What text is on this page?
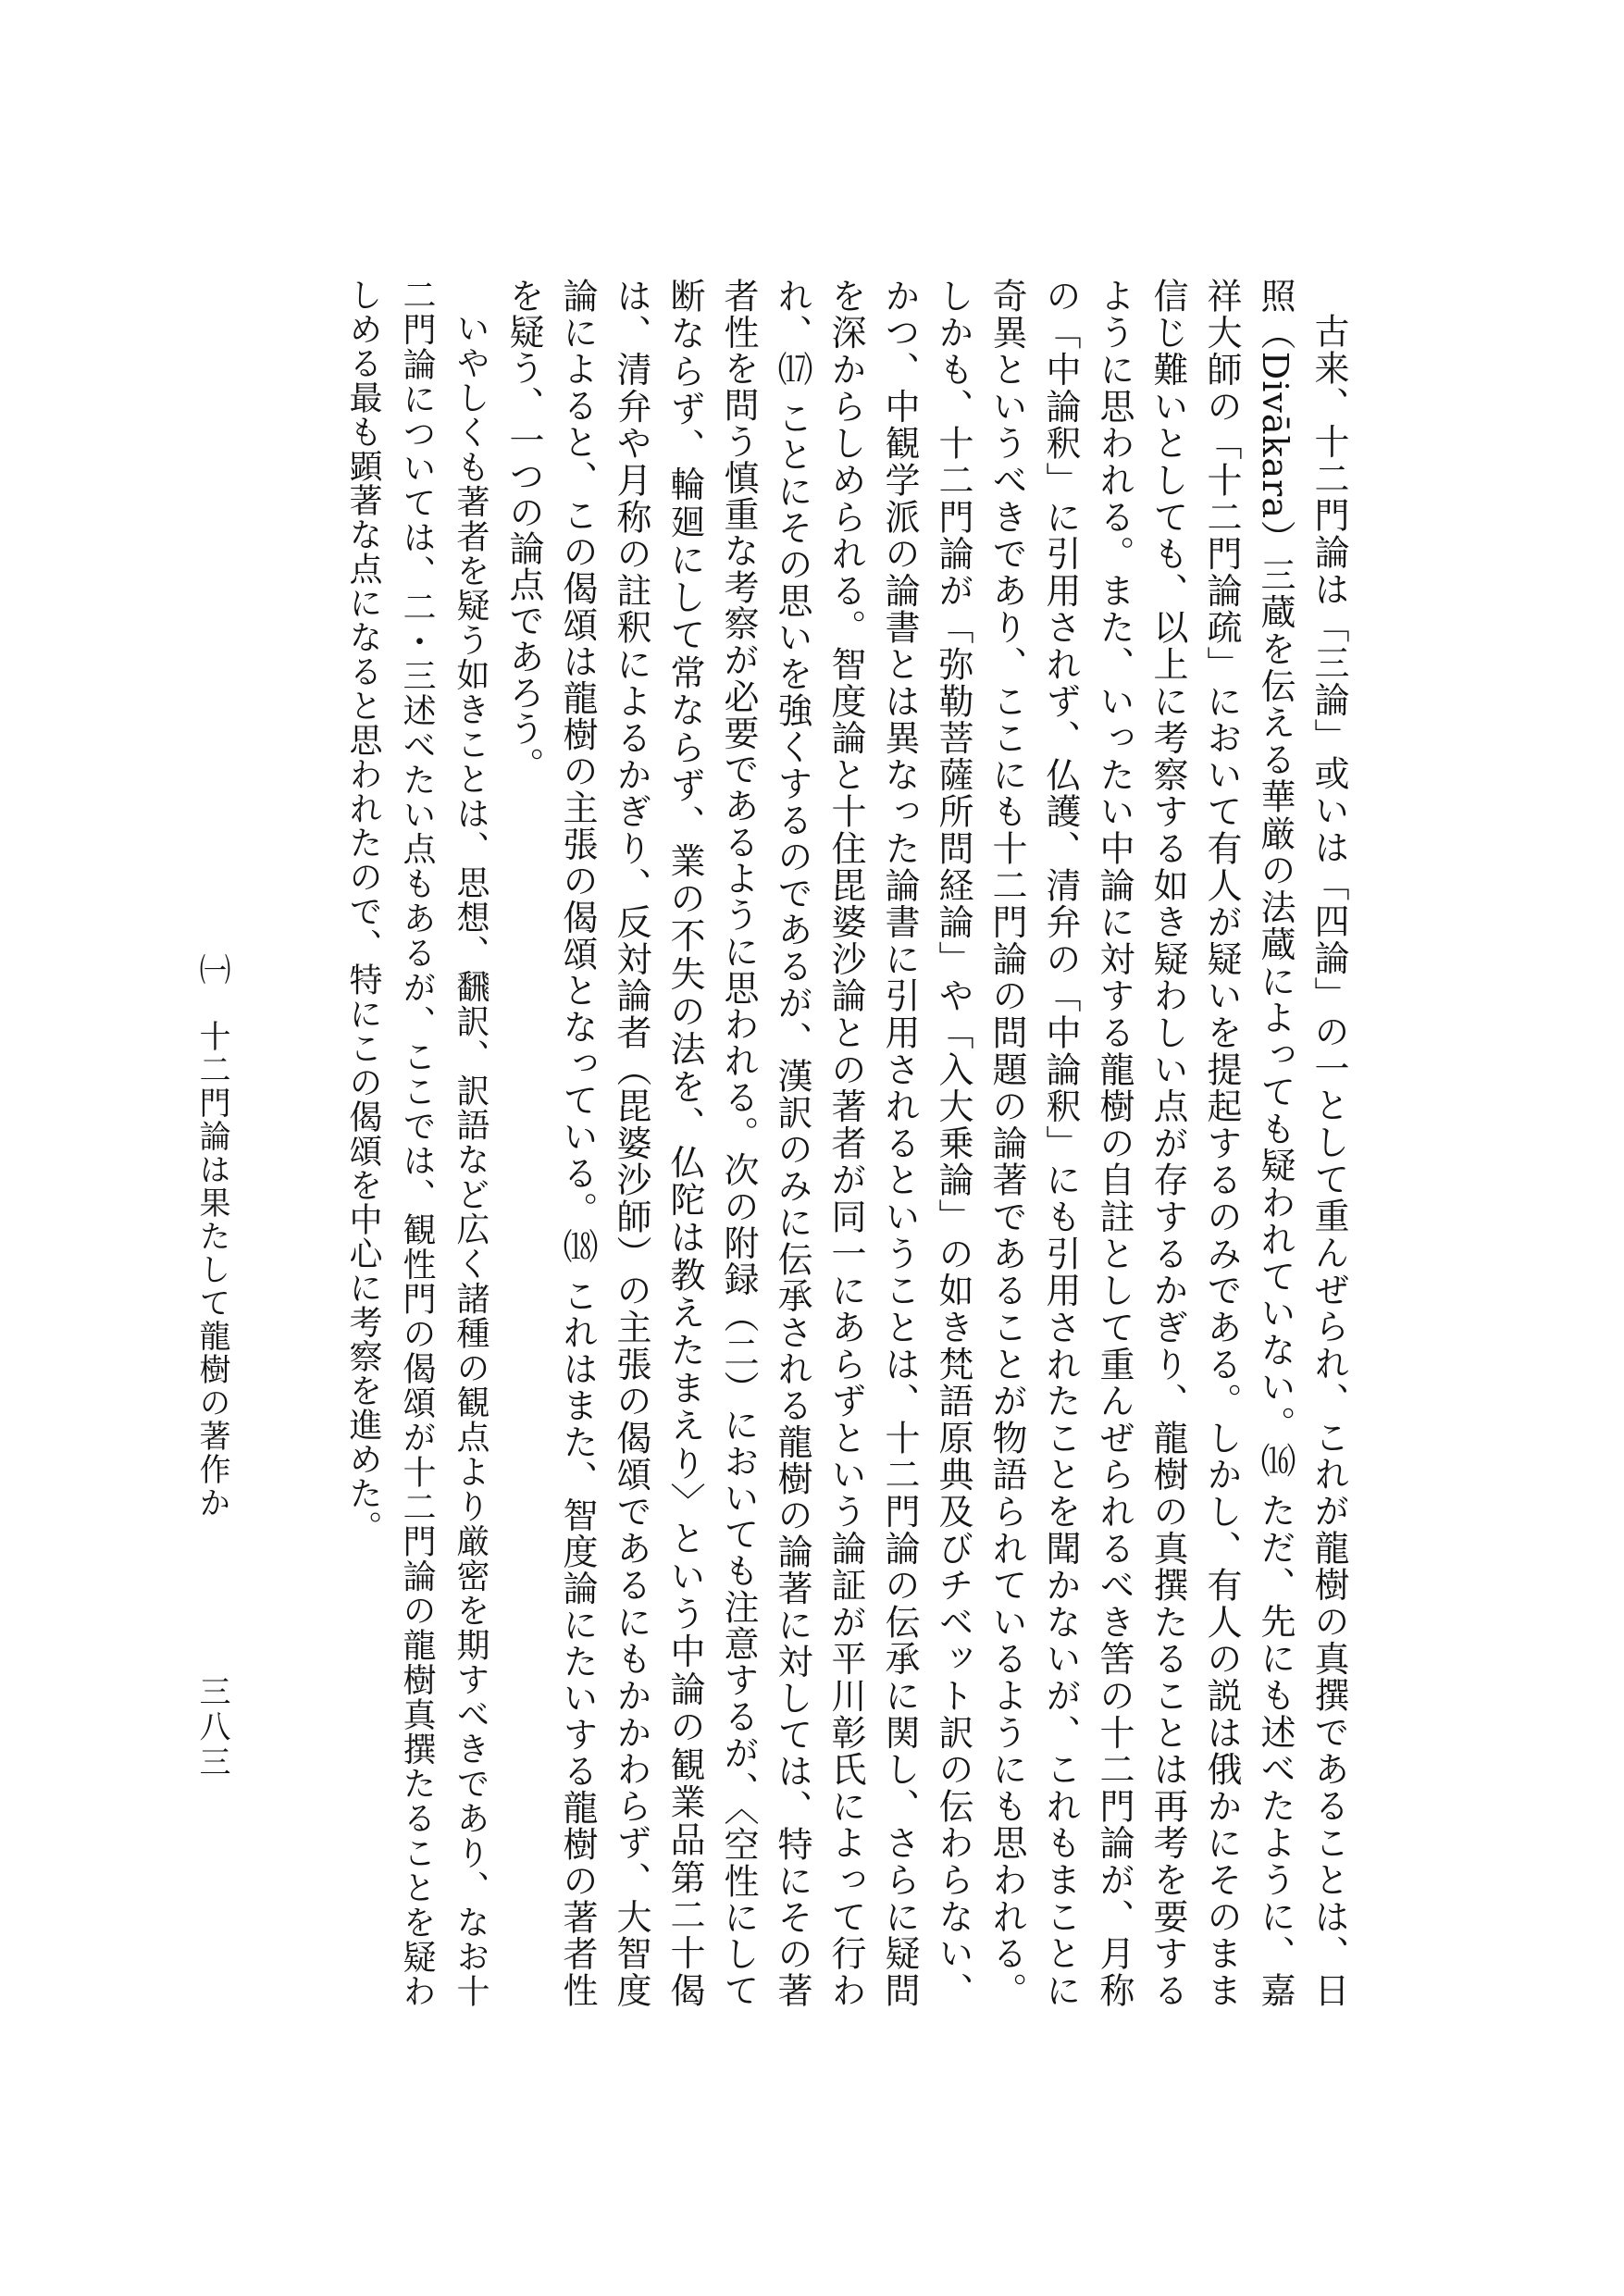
古来、十二門論は「三論」或いは「四論」の一として重んぜられ、これが龍樹の真撰であることは、日照（Divākara）三蔵を伝える華厳の法蔵によっても疑われていない。⒃ ただ、先にも述べたように、嘉祥大師の「十二門論疏」において有人が疑いを提起するのみである。しかし、有人の説は俄かにそのまま信じ難いとしても、以上に考察する如き疑わしい点が存するかぎり、龍樹の真撰たることは再考を要するように思われる。また、いったい中論に対する龍樹の自註として重んぜられるべき筈の十二門論が、月称の「中論釈」に引用されず、仏護、清弁の「中論釈」にも引用されたことを聞かないが、これもまことに奇異というべきであり、ここにも十二門論の問題の論著であることが物語られているようにも思われる。しかも、十二門論が「弥勒菩薩所問経論」や「入大乗論」の如き梵語原典及びチベット訳の伝わらない、かつ、中観学派の論書とは異なった論書に引用されるということは、十二門論の伝承に関し、さらに疑問を深からしめられる。智度論と十住毘婆沙論との著者が同一にあらずという論証が平川彰氏によって行われ、⒄ ことにその思いを強くするのであるが、漢訳のみに伝承される龍樹の論著に対しては、特にその著者性を問う慎重な考察が必要であるように思われる。次の附録（二）においても注意するが、〈空性にして断ならず、輪廻にして常ならず、業の不失の法を、仏陀は教えたまえり〉という中論の観業品第二十偈は、清弁や月称の註釈によるかぎり、反対論者（毘婆沙師）の主張の偈頌であるにもかかわらず、大智度論によると、この偈頌は龍樹の主張の偈頌となっている。⒅ これはまた、智度論にたいする龍樹の著者性を疑う、一つの論点であろう。

いやしくも著者を疑う如きことは、思想、飜訳、訳語など広く諸種の観点より厳密を期すべきであり、なお十二門論については、二・三述べたい点もあるが、ここでは、観性門の偈頌が十二門論の龍樹真撰たることを疑わしめる最も顕著な点になると思われたので、特にこの偈頌を中心に考察を進めた。

㈠　十二門論は果たして龍樹の著作か
三八三
